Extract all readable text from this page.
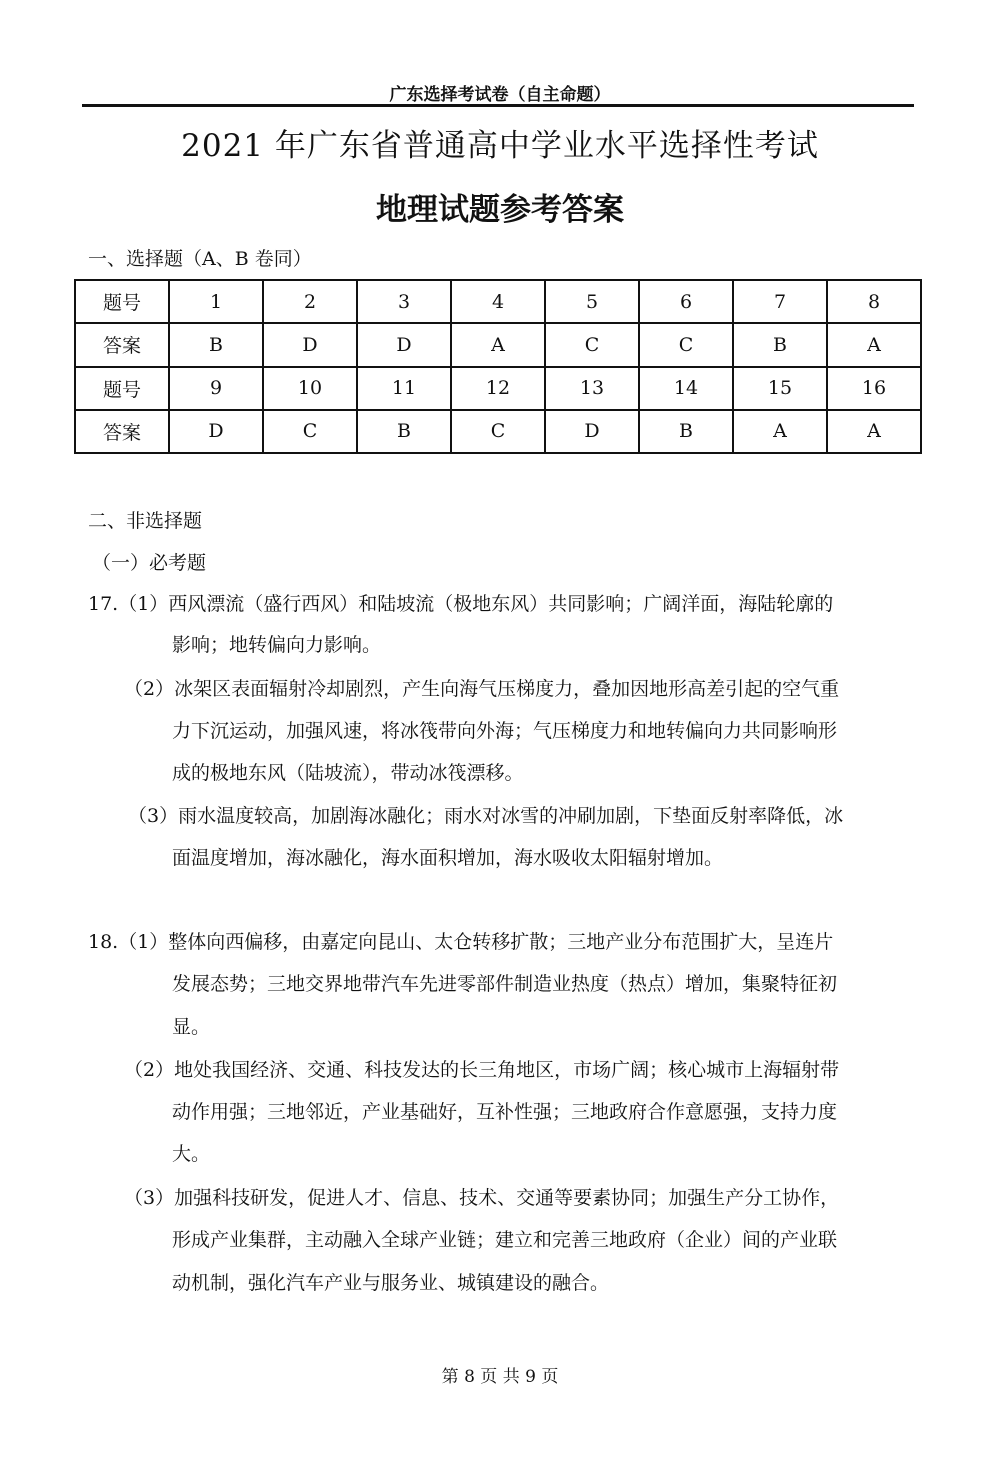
广东选择考试卷（自主命题）
2021 年广东省普通高中学业水平选择性考试
地理试题参考答案
一、选择题（A、B 卷同）
题号	1	2	3	4	5	6	7	8
答案	B	D	D	A	C	C	B	A
题号	9	10	11	12	13	14	15	16
答案	D	C	B	C	D	B	A	A
二、非选择题
（一）必考题
17.（1）西风漂流（盛行西风）和陆坡流（极地东风）共同影响；广阔洋面，海陆轮廓的
影响；地转偏向力影响。
（2）冰架区表面辐射冷却剧烈，产生向海气压梯度力，叠加因地形高差引起的空气重
力下沉运动，加强风速，将冰筏带向外海；气压梯度力和地转偏向力共同影响形
成的极地东风（陆坡流），带动冰筏漂移。
（3）雨水温度较高，加剧海冰融化；雨水对冰雪的冲刷加剧，下垫面反射率降低，冰
面温度增加，海冰融化，海水面积增加，海水吸收太阳辐射增加。
18.（1）整体向西偏移，由嘉定向昆山、太仓转移扩散；三地产业分布范围扩大，呈连片
发展态势；三地交界地带汽车先进零部件制造业热度（热点）增加，集聚特征初
显。
（2）地处我国经济、交通、科技发达的长三角地区，市场广阔；核心城市上海辐射带
动作用强；三地邻近，产业基础好，互补性强；三地政府合作意愿强，支持力度
大。
（3）加强科技研发，促进人才、信息、技术、交通等要素协同；加强生产分工协作，
形成产业集群，主动融入全球产业链；建立和完善三地政府（企业）间的产业联
动机制，强化汽车产业与服务业、城镇建设的融合。
第 8 页 共 9 页
